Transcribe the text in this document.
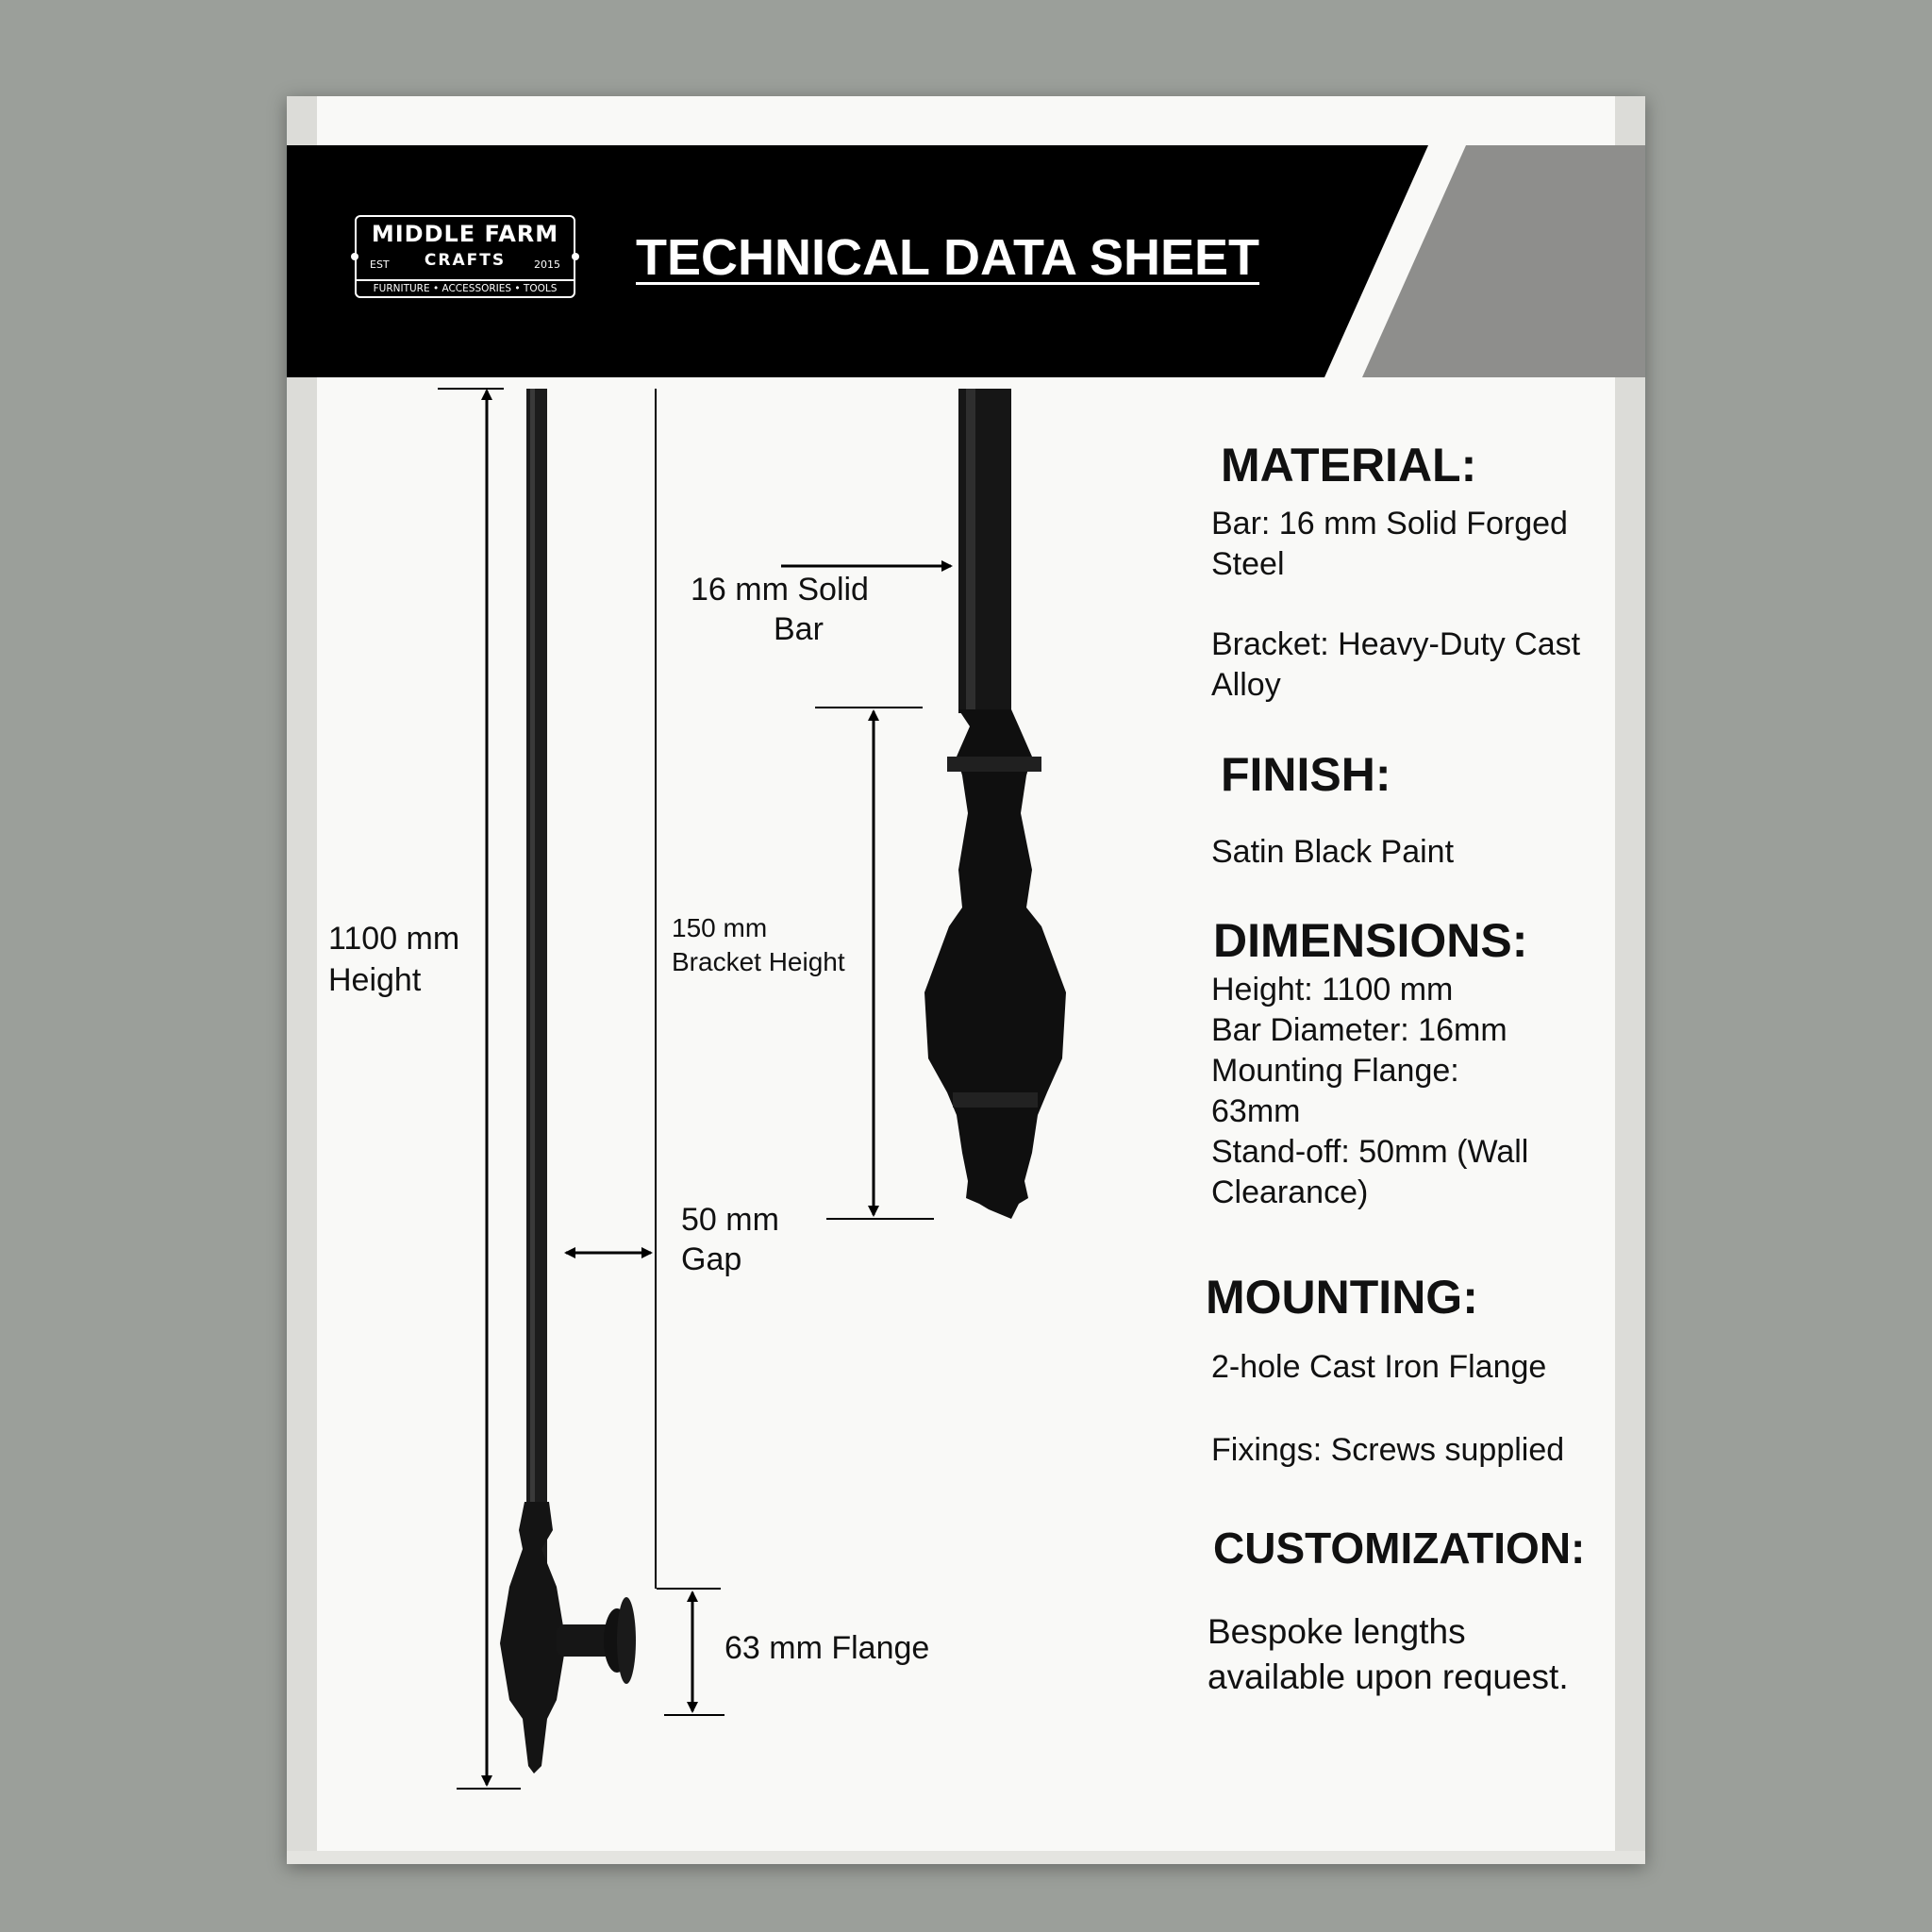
MIDDLE FARM
EST	CRAFTS	2015
FURNITURE • ACCESSORIES • TOOLS
TECHNICAL DATA SHEET
1100 mm
Height
16 mm Solid
Bar
150 mm
Bracket Height
50 mm
Gap
63 mm Flange
MATERIAL:
Bar: 16 mm Solid Forged
Steel
Bracket: Heavy-Duty Cast
Alloy
FINISH:
Satin Black Paint
DIMENSIONS:
Height: 1100 mm
Bar Diameter: 16mm
Mounting Flange:
63mm
Stand-off: 50mm (Wall
Clearance)
MOUNTING:
2-hole Cast Iron Flange
Fixings: Screws supplied
CUSTOMIZATION:
Bespoke lengths
available upon request.
